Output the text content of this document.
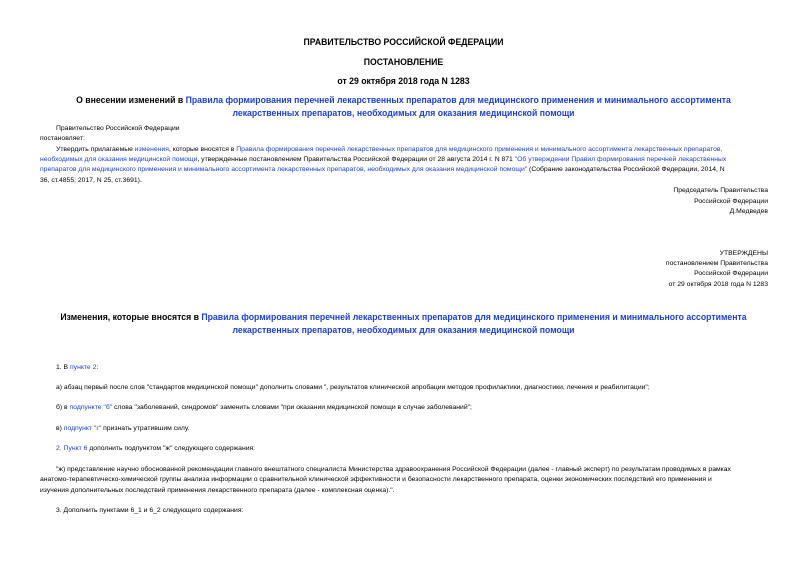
ПРАВИТЕЛЬСТВО РОССИЙСКОЙ ФЕДЕРАЦИИ
ПОСТАНОВЛЕНИЕ
от 29 октября 2018 года N 1283
О внесении изменений в Правила формирования перечней лекарственных препаратов для медицинского применения и минимального ассортимента
лекарственных препаратов, необходимых для оказания медицинской помощи
Правительство Российской Федерации
постановляет:
Утвердить прилагаемые изменения, которые вносятся в Правила формирования перечней лекарственных препаратов для медицинского применения и минимального ассортимента лекарственных препаратов,
необходимых для оказания медицинской помощи, утвержденные постановлением Правительства Российской Федерации от 28 августа 2014 г. N 871 "Об утверждении Правил формирования перечней лекарственных
препаратов для медицинского применения и минимального ассортимента лекарственных препаратов, необходимых для оказания медицинской помощи" (Собрание законодательства Российской Федерации, 2014, N
36, ст.4855; 2017, N 25, ст.3691).
Председатель Правительства
Российской Федерации
Д.Медведев
УТВЕРЖДЕНЫ
постановлением Правительства
Российской Федерации
от 29 октября 2018 года N 1283
Изменения, которые вносятся в Правила формирования перечней лекарственных препаратов для медицинского применения и минимального ассортимента
лекарственных препаратов, необходимых для оказания медицинской помощи
1. В пункте 2:
а) абзац первый после слов "стандартов медицинской помощи" дополнить словами ", результатов клинической апробации методов профилактики, диагностики, лечения и реабилитации";
б) в подпункте "б" слова "заболеваний, синдромов" заменить словами "при оказании медицинской помощи в случае заболеваний";
в) подпункт "г" признать утратившим силу.
2. Пункт 6 дополнить подпунктом "ж" следующего содержания:
"ж) представление научно обоснованной рекомендации главного внештатного специалиста Министерства здравоохранения Российской Федерации (далее - главный эксперт) по результатам проводимых в рамках
анатомо-терапевтическо-химической группы анализа информации о сравнительной клинической эффективности и безопасности лекарственного препарата, оценки экономических последствий его применения и
изучения дополнительных последствий применения лекарственного препарата (далее - комплексная оценка).".
3. Дополнить пунктами 6_1 и 6_2 следующего содержания:
